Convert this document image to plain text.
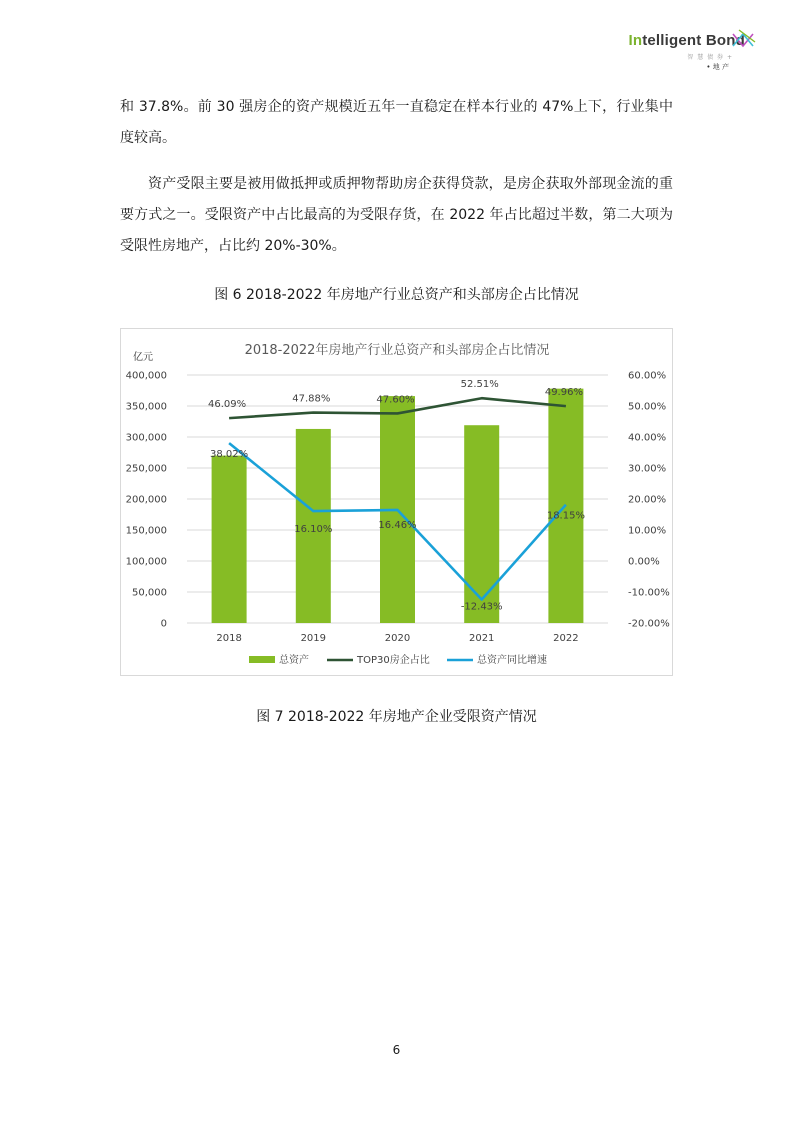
Intelligent Bond
智 慧 债 券 +
• 地 产

和 37.8%。前 30 强房企的资产规模近五年一直稳定在样本行业的 47%上下，行业集中度较高。

资产受限主要是被用做抵押或质押物帮助房企获得贷款，是房企获取外部现金流的重要方式之一。受限资产中占比最高的为受限存货，在 2022 年占比超过半数，第二大项为受限性房地产，占比约 20%-30%。

图 6 2018-2022 年房地产行业总资产和头部房企占比情况

2018-2022年房地产行业总资产和头部房企占比情况
亿元
0
50,000
100,000
150,000
200,000
250,000
300,000
350,000
400,000
-20.00%
-10.00%
0.00%
10.00%
20.00%
30.00%
40.00%
50.00%
60.00%
2018	2019	2020	2021	2022
46.09%
47.88%	47.60%
52.51%
49.96%
38.02%
16.10%	16.46%
-12.43%
18.15%
总资产	TOP30房企占比	总资产同比增速

图 7 2018-2022 年房地产企业受限资产情况

6
